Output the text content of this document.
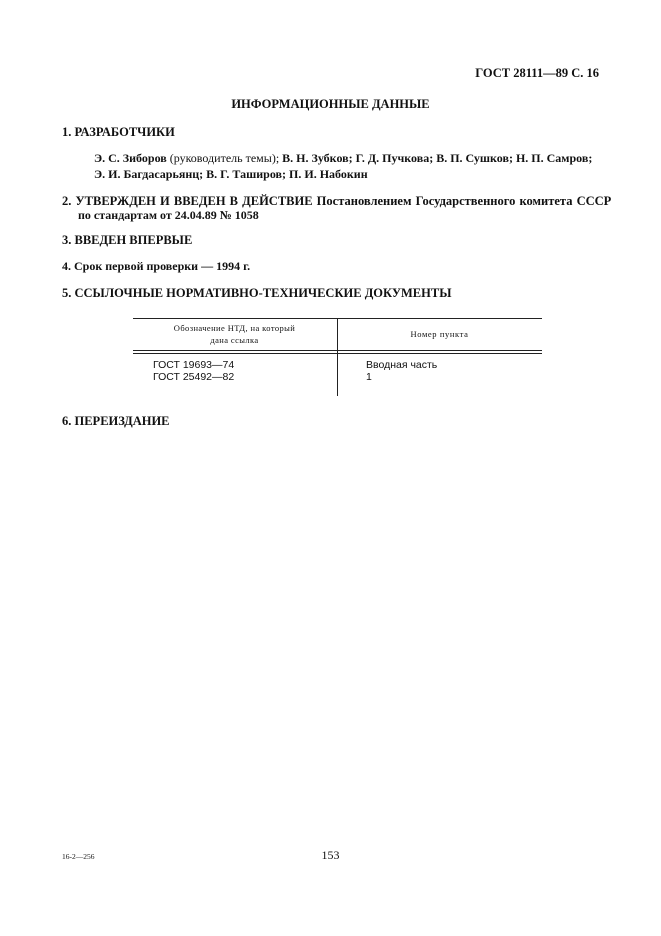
ГОСТ 28111—89 С. 16
ИНФОРМАЦИОННЫЕ ДАННЫЕ
1. РАЗРАБОТЧИКИ
Э. С. Зиборов (руководитель темы); В. Н. Зубков; Г. Д. Пучкова; В. П. Сушков; Н. П. Самров;
Э. И. Багдасарьянц; В. Г. Таширов; П. И. Набокин
2. УТВЕРЖДЕН И ВВЕДЕН В ДЕЙСТВИЕ Постановлением Государственного комитета СССР
по стандартам от 24.04.89 № 1058
3. ВВЕДЕН ВПЕРВЫЕ
4. Срок первой проверки — 1994 г.
5. ССЫЛОЧНЫЕ НОРМАТИВНО-ТЕХНИЧЕСКИЕ ДОКУМЕНТЫ
Обозначение НТД, на который
дана ссылка
Номер пункта
ГОСТ 19693—74
ГОСТ 25492—82
Вводная часть
1
6. ПЕРЕИЗДАНИЕ
16-2—256	153
